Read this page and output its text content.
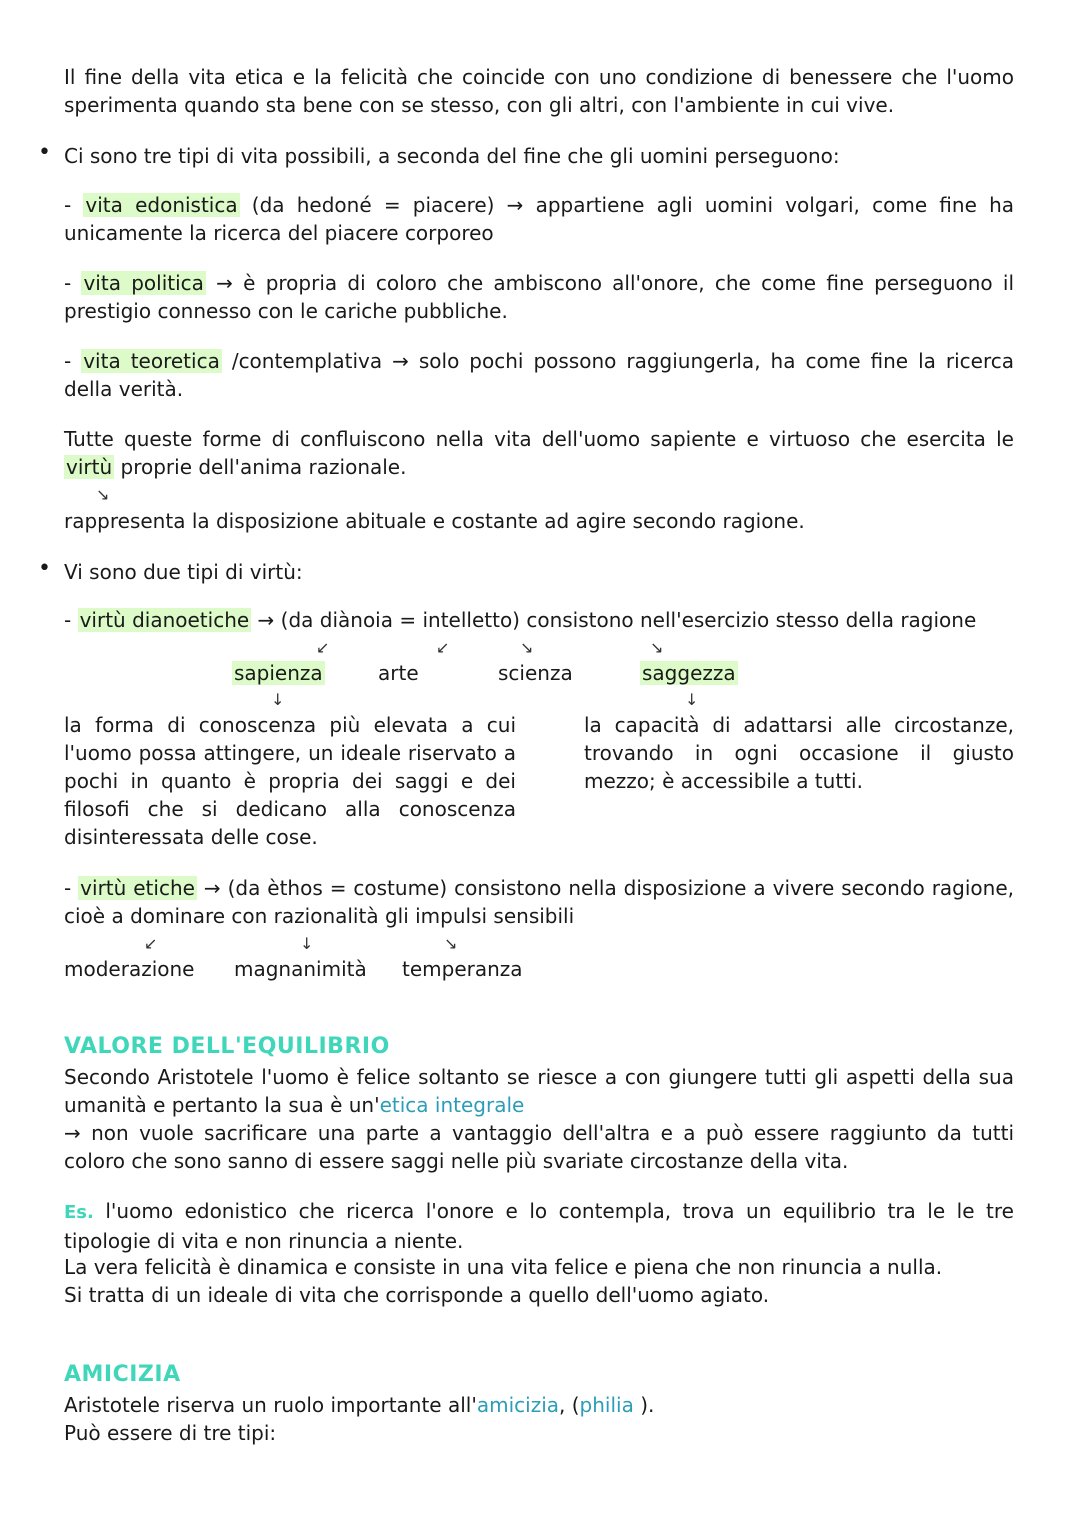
Il fine della vita etica e la felicità che coincide con uno condizione di benessere che l'uomo sperimenta quando sta bene con se stesso, con gli altri, con l'ambiente in cui vive.
• Ci sono tre tipi di vita possibili, a seconda del fine che gli uomini perseguono:
- vita edonistica (da hedoné = piacere) → appartiene agli uomini volgari, come fine ha unicamente la ricerca del piacere corporeo
- vita politica → è propria di coloro che ambiscono all'onore, che come fine perseguono il prestigio connesso con le cariche pubbliche.
- vita teoretica /contemplativa → solo pochi possono raggiungerla, ha come fine la ricerca della verità.
Tutte queste forme di confluiscono nella vita dell'uomo sapiente e virtuoso che esercita le virtù proprie dell'anima razionale.
↘
rappresenta la disposizione abituale e costante ad agire secondo ragione.
• Vi sono due tipi di virtù:
- virtù dianoetiche → (da diànoia = intelletto) consistono nell'esercizio stesso della ragione
↙	↙	↘	↘
sapienza	arte	scienza	saggezza
↓	↓
la forma di conoscenza più elevata a cui l'uomo possa attingere, un ideale riservato a pochi in quanto è propria dei saggi e dei filosofi che si dedicano alla conoscenza disinteressata delle cose.
la capacità di adattarsi alle circostanze, trovando in ogni occasione il giusto mezzo; è accessibile a tutti.
- virtù etiche → (da èthos = costume) consistono nella disposizione a vivere secondo ragione, cioè a dominare con razionalità gli impulsi sensibili
↙	↓	↘
moderazione magnanimità temperanza
VALORE DELL'EQUILIBRIO
Secondo Aristotele l'uomo è felice soltanto se riesce a con giungere tutti gli aspetti della sua umanità e pertanto la sua è un'etica integrale
→ non vuole sacrificare una parte a vantaggio dell'altra e a può essere raggiunto da tutti coloro che sono sanno di essere saggi nelle più svariate circostanze della vita.
Es. l'uomo edonistico che ricerca l'onore e lo contempla, trova un equilibrio tra le le tre tipologie di vita e non rinuncia a niente.
La vera felicità è dinamica e consiste in una vita felice e piena che non rinuncia a nulla.
Si tratta di un ideale di vita che corrisponde a quello dell'uomo agiato.
AMICIZIA
Aristotele riserva un ruolo importante all'amicizia, (philia ).
Può essere di tre tipi:
